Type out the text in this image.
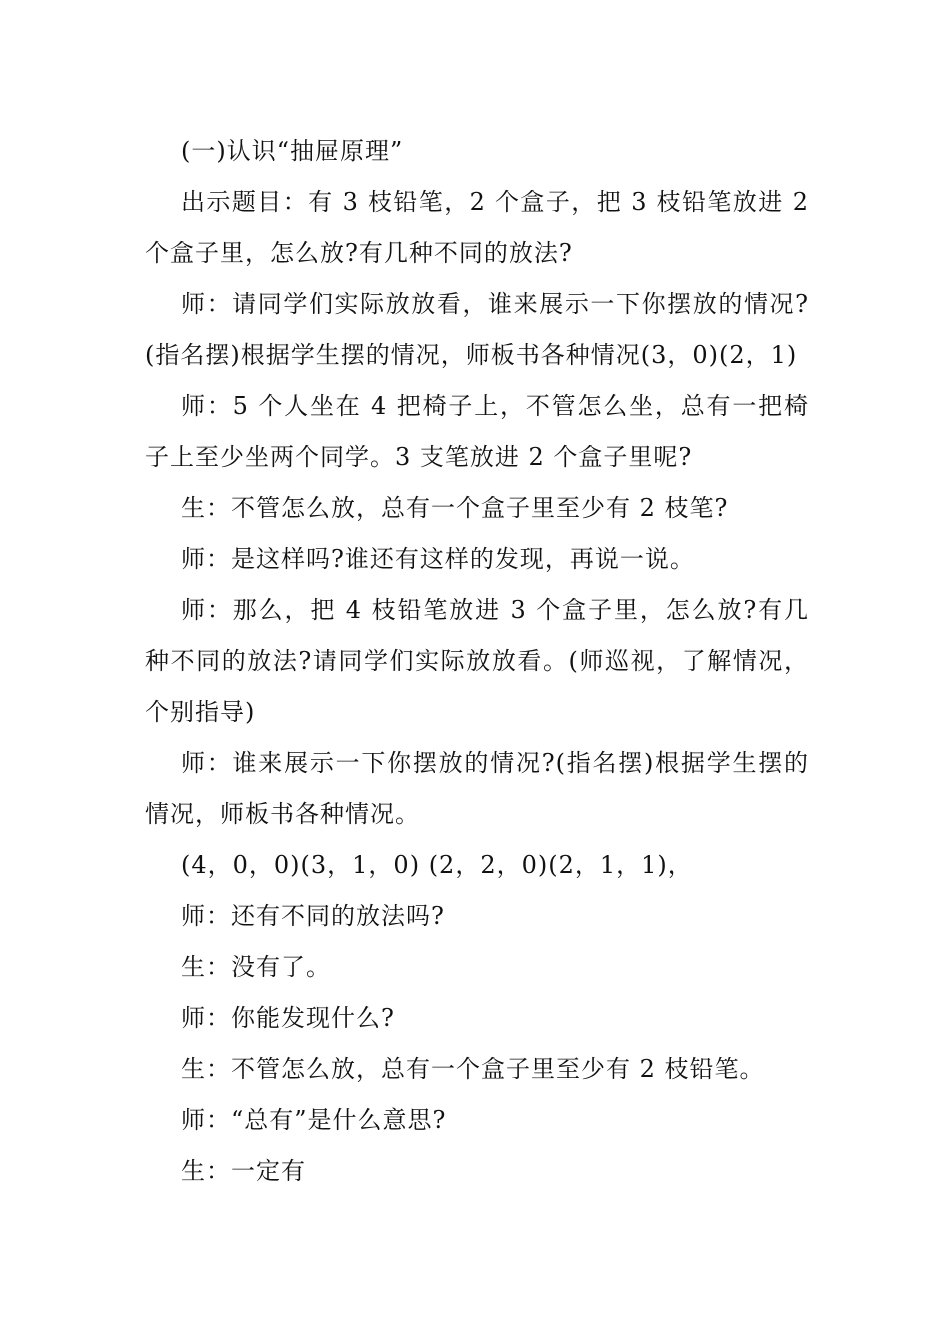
(一)认识“抽屉原理”

出示题目：有 3 枝铅笔，2 个盒子，把 3 枝铅笔放进 2 个盒子里，怎么放?有几种不同的放法?

师：请同学们实际放放看，谁来展示一下你摆放的情况?(指名摆)根据学生摆的情况，师板书各种情况(3，0)(2，1)

师：5 个人坐在 4 把椅子上，不管怎么坐，总有一把椅子上至少坐两个同学。3 支笔放进 2 个盒子里呢?

生：不管怎么放，总有一个盒子里至少有 2 枝笔?

师：是这样吗?谁还有这样的发现，再说一说。

师：那么，把 4 枝铅笔放进 3 个盒子里，怎么放?有几种不同的放法?请同学们实际放放看。(师巡视，了解情况，个别指导)

师：谁来展示一下你摆放的情况?(指名摆)根据学生摆的情况，师板书各种情况。

(4，0，0)(3，1，0) (2，2，0)(2，1，1)，

师：还有不同的放法吗?

生：没有了。

师：你能发现什么?

生：不管怎么放，总有一个盒子里至少有 2 枝铅笔。

师：“总有”是什么意思?

生：一定有
